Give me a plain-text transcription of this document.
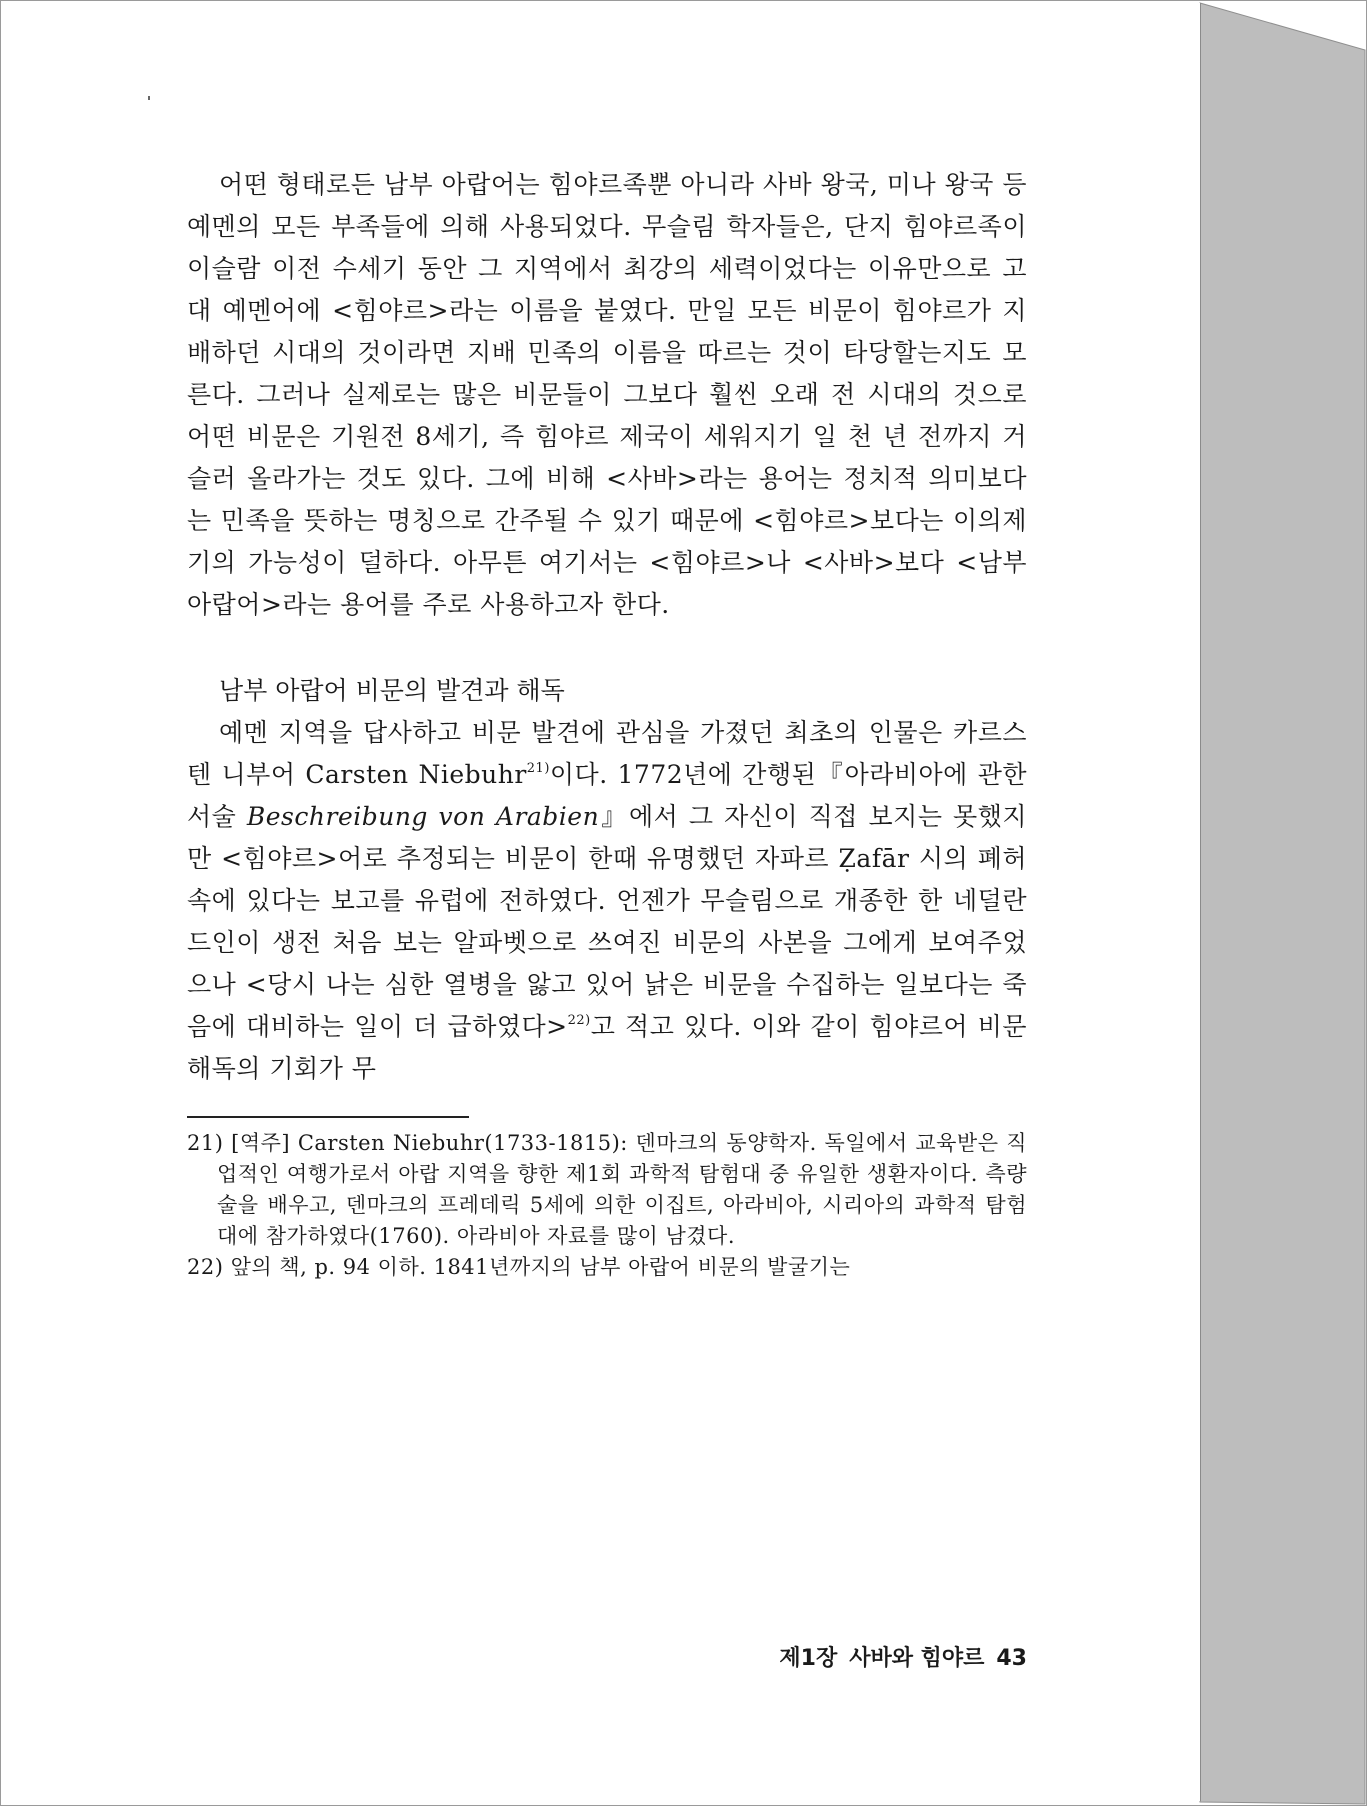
어떤 형태로든 남부 아랍어는 힘야르족뿐 아니라 사바 왕국, 미나 왕국 등 예멘의 모든 부족들에 의해 사용되었다. 무슬림 학자들은, 단지 힘야르족이 이슬람 이전 수세기 동안 그 지역에서 최강의 세력이었다는 이유만으로 고대 예멘어에 <힘야르>라는 이름을 붙였다. 만일 모든 비문이 힘야르가 지배하던 시대의 것이라면 지배 민족의 이름을 따르는 것이 타당할는지도 모른다. 그러나 실제로는 많은 비문들이 그보다 훨씬 오래 전 시대의 것으로 어떤 비문은 기원전 8세기, 즉 힘야르 제국이 세워지기 일 천 년 전까지 거슬러 올라가는 것도 있다. 그에 비해 <사바>라는 용어는 정치적 의미보다는 민족을 뜻하는 명칭으로 간주될 수 있기 때문에 <힘야르>보다는 이의제기의 가능성이 덜하다. 아무튼 여기서는 <힘야르>나 <사바>보다 <남부 아랍어>라는 용어를 주로 사용하고자 한다.

남부 아랍어 비문의 발견과 해독

예멘 지역을 답사하고 비문 발견에 관심을 가졌던 최초의 인물은 카르스텐 니부어 Carsten Niebuhr$^{21)}$이다. 1772년에 간행된『아라비아에 관한 서술 Beschreibung von Arabien』에서 그 자신이 직접 보지는 못했지만 <힘야르>어로 추정되는 비문이 한때 유명했던 자파르 Ẓafār 시의 폐허 속에 있다는 보고를 유럽에 전하였다. 언젠가 무슬림으로 개종한 한 네덜란드인이 생전 처음 보는 알파벳으로 쓰여진 비문의 사본을 그에게 보여주었으나 <당시 나는 심한 열병을 앓고 있어 낡은 비문을 수집하는 일보다는 죽음에 대비하는 일이 더 급하였다>$^{22)}$고 적고 있다. 이와 같이 힘야르어 비문 해독의 기회가 무

21) [역주] Carsten Niebuhr(1733-1815): 덴마크의 동양학자. 독일에서 교육받은 직업적인 여행가로서 아랍 지역을 향한 제1회 과학적 탐험대 중 유일한 생환자이다. 측량술을 배우고, 덴마크의 프레데릭 5세에 의한 이집트, 아라비아, 시리아의 과학적 탐험대에 참가하였다(1760). 아라비아 자료를 많이 남겼다.

22) 앞의 책, p. 94 이하. 1841년까지의 남부 아랍어 비문의 발굴기는

제1장 사바와 힘야르 43
